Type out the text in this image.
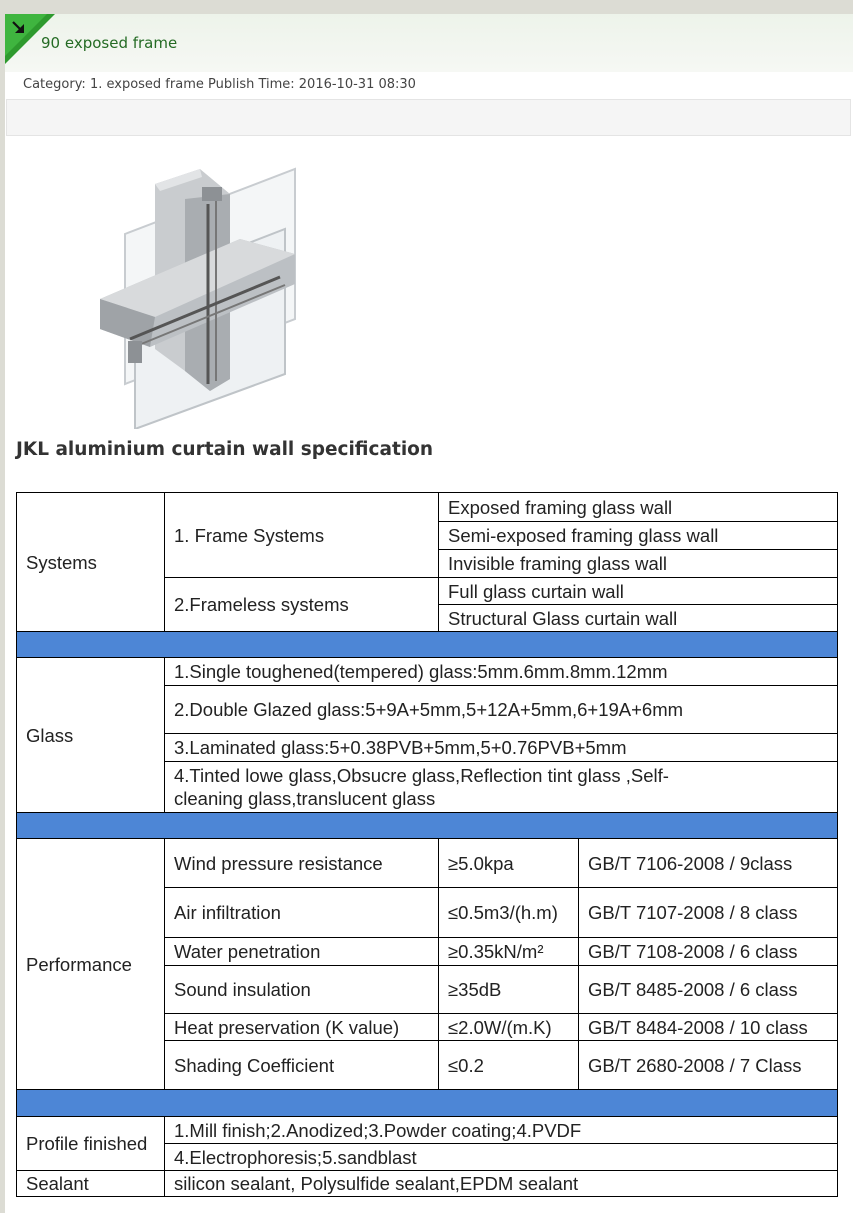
90 exposed frame
Category: 1. exposed frame Publish Time: 2016-10-31 08:30
JKL aluminium curtain wall specification
Systems	1. Frame Systems	Exposed framing glass wall	
		Semi-exposed framing glass wall	
		Invisible framing glass wall	
	2.Frameless systems	Full glass curtain wall	
		Structural Glass curtain wall	

Glass	1.Single toughened(tempered) glass:5mm.6mm.8mm.12mm		
	2.Double Glazed glass:5+9A+5mm,5+12A+5mm,6+19A+6mm		
	3.Laminated glass:5+0.38PVB+5mm,5+0.76PVB+5mm		
	4.Tinted lowe glass,Obsucre glass,Reflection tint glass ,Self-cleaning glass,translucent glass		

Performance	Wind pressure resistance	≥5.0kpa	GB/T 7106-2008 / 9class
	Air infiltration	≤0.5m3/(h.m)	GB/T 7107-2008 / 8 class
	Water penetration	≥0.35kN/m²	GB/T 7108-2008 / 6 class
	Sound insulation	≥35dB	GB/T 8485-2008 / 6 class
	Heat preservation (K value)	≤2.0W/(m.K)	GB/T 8484-2008 / 10 class
	Shading Coefficient	≤0.2	GB/T 2680-2008 / 7 Class

Profile finished	1.Mill finish;2.Anodized;3.Powder coating;4.PVDF		
	4.Electrophoresis;5.sandblast		
Sealant	silicon sealant, Polysulfide sealant,EPDM sealant		
